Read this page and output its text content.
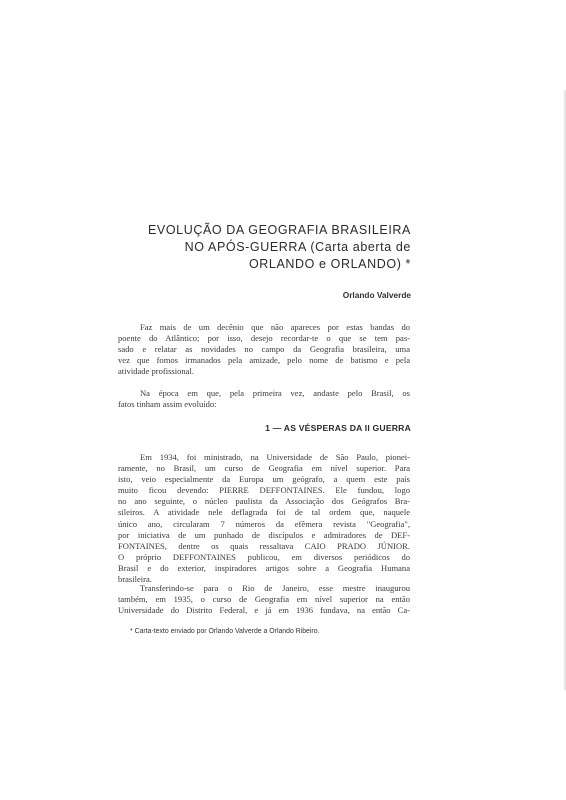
EVOLUÇÃO DA GEOGRAFIA BRASILEIRA
NO APÓS-GUERRA (Carta aberta de
ORLANDO e ORLANDO) *
Orlando Valverde
Faz mais de um decênio que não apareces por estas bandas do
poente do Atlântico; por isso, desejo recordar-te o que se tem pas-
sado e relatar as novidades no campo da Geografia brasileira, uma
vez que fomos irmanados pela amizade, pelo nome de batismo e pela
atividade profissional.
Na época em que, pela primeira vez, andaste pelo Brasil, os
fatos tinham assim evoluído:
1 — AS VÉSPERAS DA II GUERRA
Em 1934, foi ministrado, na Universidade de São Paulo, pionei-
ramente, no Brasil, um curso de Geografia em nível superior. Para
isto, veio especialmente da Europa um geógrafo, a quem este país
muito ficou devendo: PIERRE DEFFONTAINES. Ele fundou, logo
no ano seguinte, o núcleo paulista da Associação dos Geógrafos Bra-
sileiros. A atividade nele deflagrada foi de tal ordem que, naquele
único ano, circularam 7 números da efêmera revista "Geografia",
por iniciativa de um punhado de discípulos e admiradores de DEF-
FONTAINES, dentre os quais ressaltava CAIO PRADO JÚNIOR.
O próprio DEFFONTAINES publicou, em diversos periódicos do
Brasil e do exterior, inspiradores artigos sobre a Geografia Humana
brasileira.
Transferindo-se para o Rio de Janeiro, esse mestre inaugurou
também, em 1935, o curso de Geografia em nível superior na então
Universidade do Distrito Federal, e já em 1936 fundava, na então Ca-
* Carta-texto enviado por Orlando Valverde a Orlando Ribeiro.
